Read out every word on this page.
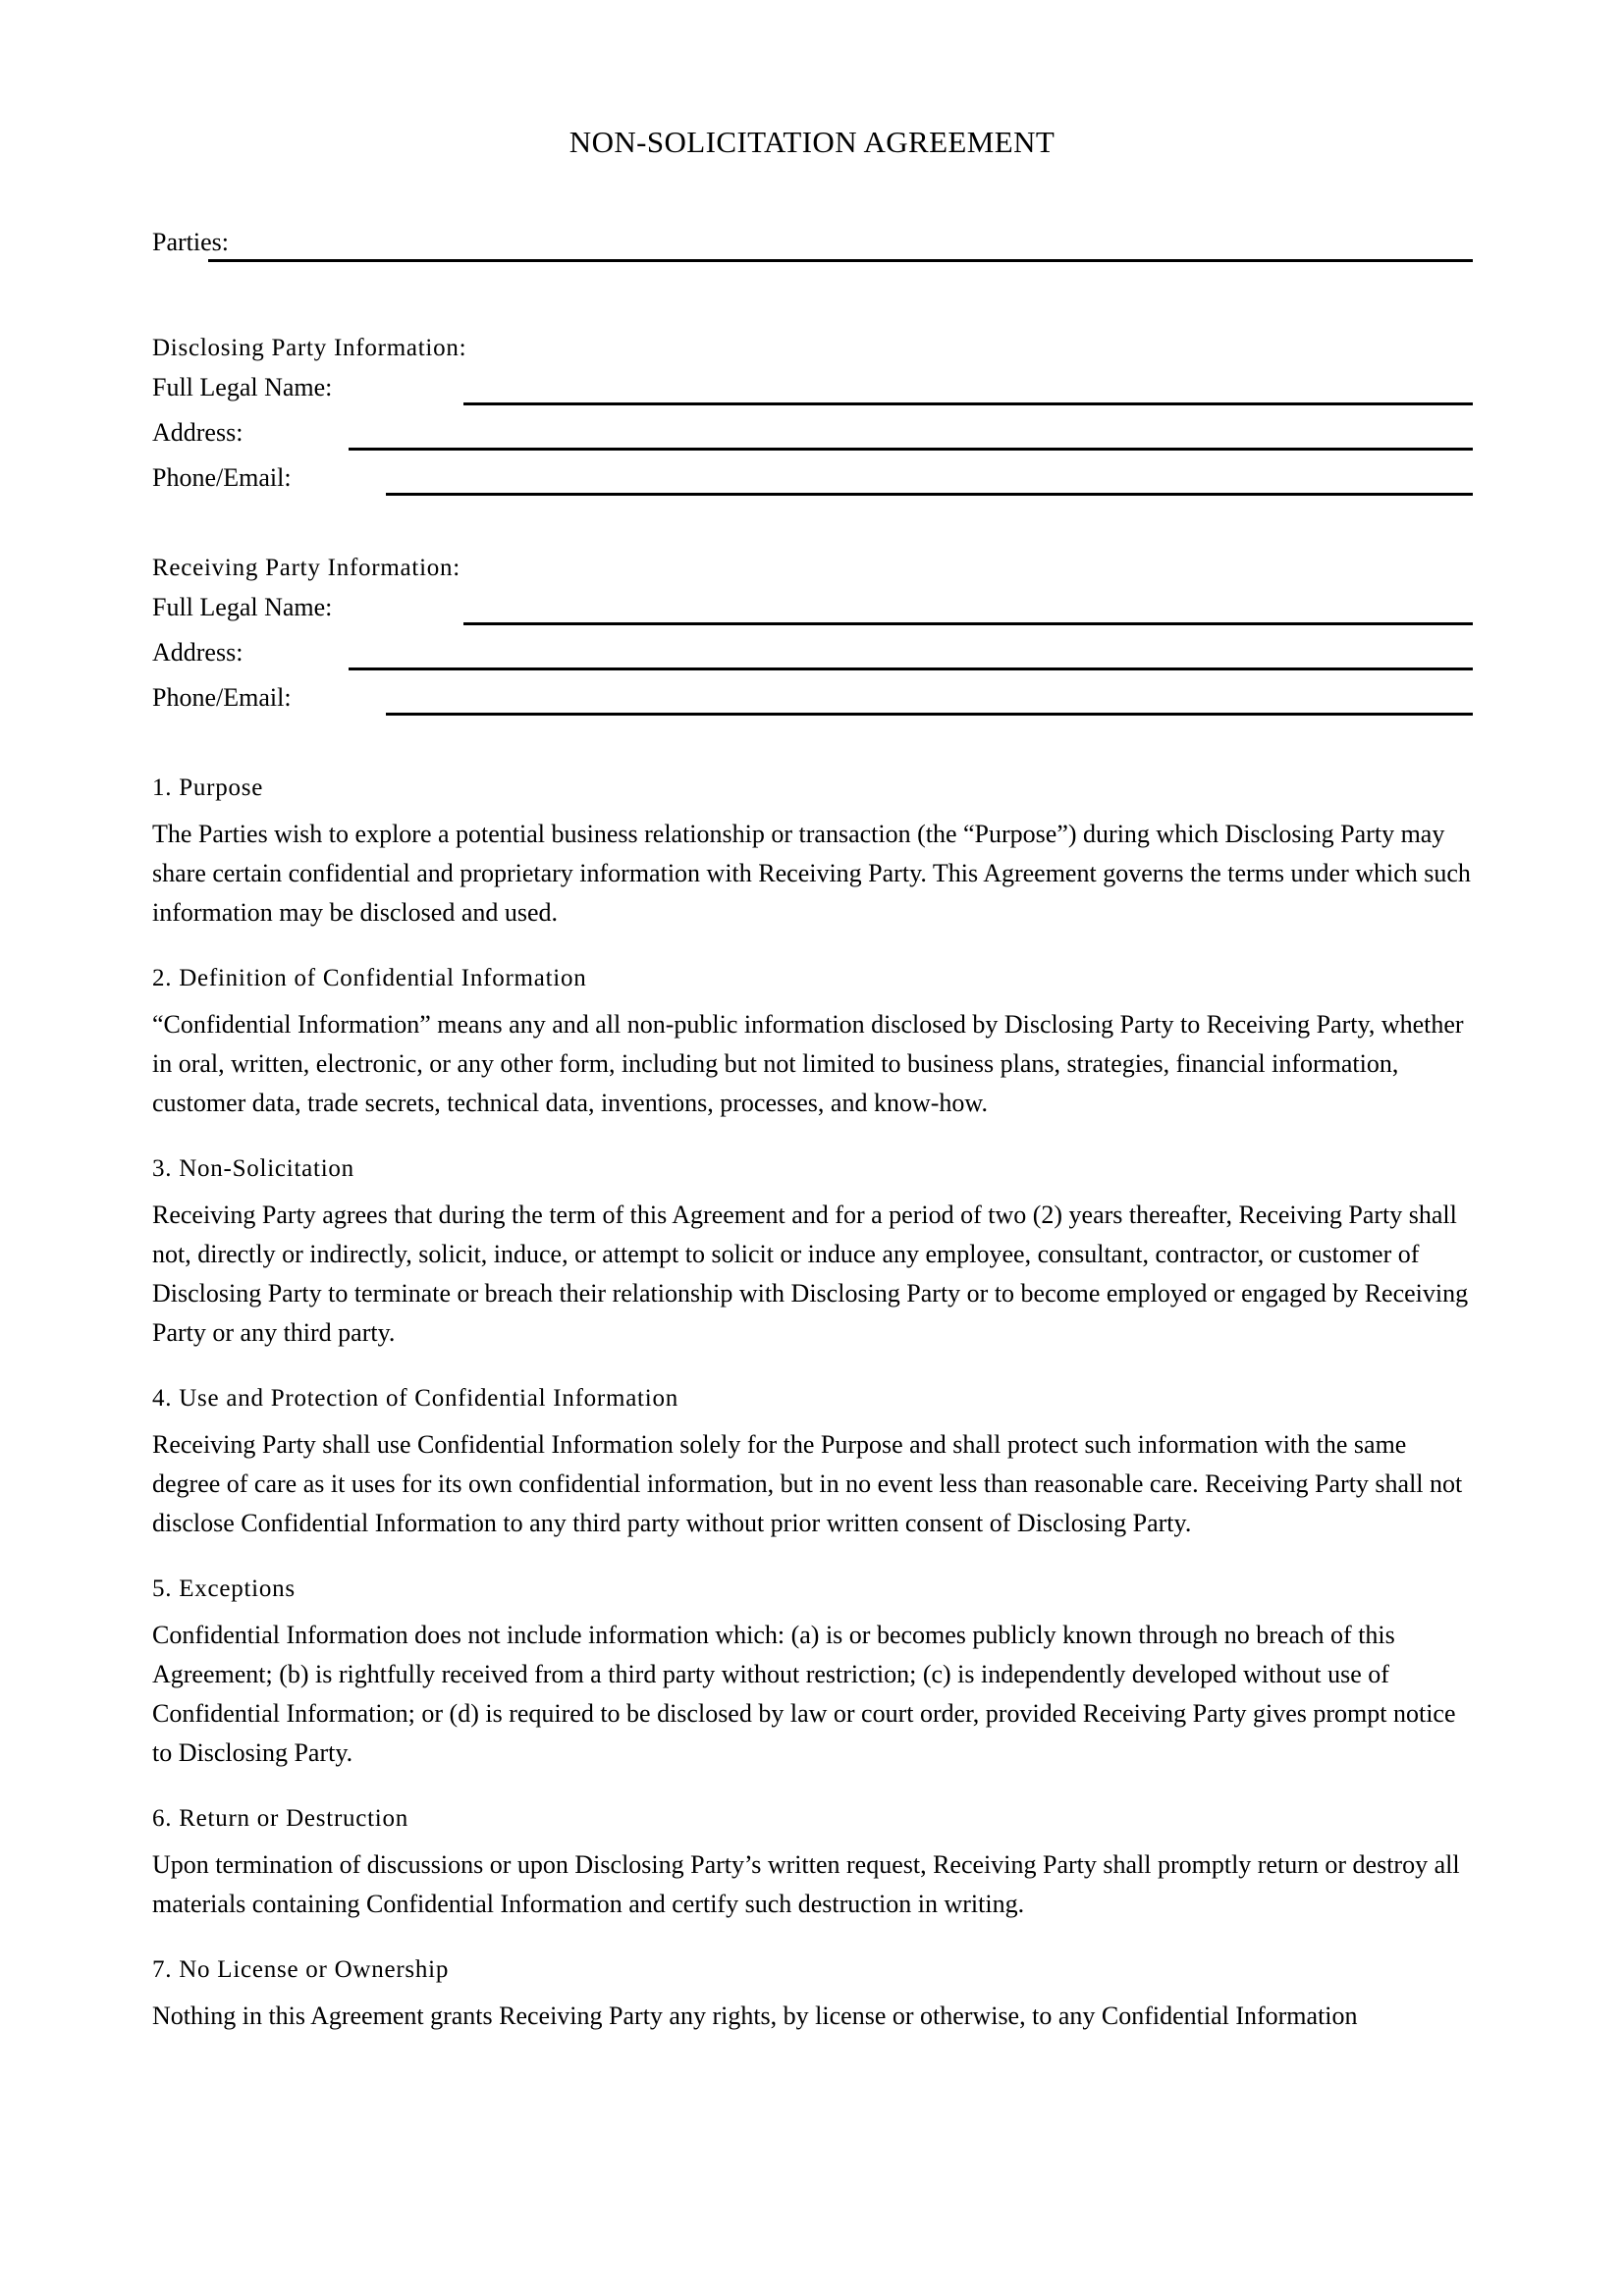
NON-SOLICITATION AGREEMENT
Parties:
Disclosing Party Information:
Full Legal Name:
Address:
Phone/Email:
Receiving Party Information:
Full Legal Name:
Address:
Phone/Email:
1. Purpose

The Parties wish to explore a potential business relationship or transaction (the “Purpose”) during which Disclosing Party may share certain confidential and proprietary information with Receiving Party. This Agreement governs the terms under which such information may be disclosed and used.

2. Definition of Confidential Information

“Confidential Information” means any and all non-public information disclosed by Disclosing Party to Receiving Party, whether in oral, written, electronic, or any other form, including but not limited to business plans, strategies, financial information, customer data, trade secrets, technical data, inventions, processes, and know-how.

3. Non-Solicitation

Receiving Party agrees that during the term of this Agreement and for a period of two (2) years thereafter, Receiving Party shall not, directly or indirectly, solicit, induce, or attempt to solicit or induce any employee, consultant, contractor, or customer of Disclosing Party to terminate or breach their relationship with Disclosing Party or to become employed or engaged by Receiving Party or any third party.

4. Use and Protection of Confidential Information

Receiving Party shall use Confidential Information solely for the Purpose and shall protect such information with the same degree of care as it uses for its own confidential information, but in no event less than reasonable care. Receiving Party shall not disclose Confidential Information to any third party without prior written consent of Disclosing Party.

5. Exceptions

Confidential Information does not include information which: (a) is or becomes publicly known through no breach of this Agreement; (b) is rightfully received from a third party without restriction; (c) is independently developed without use of Confidential Information; or (d) is required to be disclosed by law or court order, provided Receiving Party gives prompt notice to Disclosing Party.

6. Return or Destruction

Upon termination of discussions or upon Disclosing Party’s written request, Receiving Party shall promptly return or destroy all materials containing Confidential Information and certify such destruction in writing.

7. No License or Ownership

Nothing in this Agreement grants Receiving Party any rights, by license or otherwise, to any Confidential Information
